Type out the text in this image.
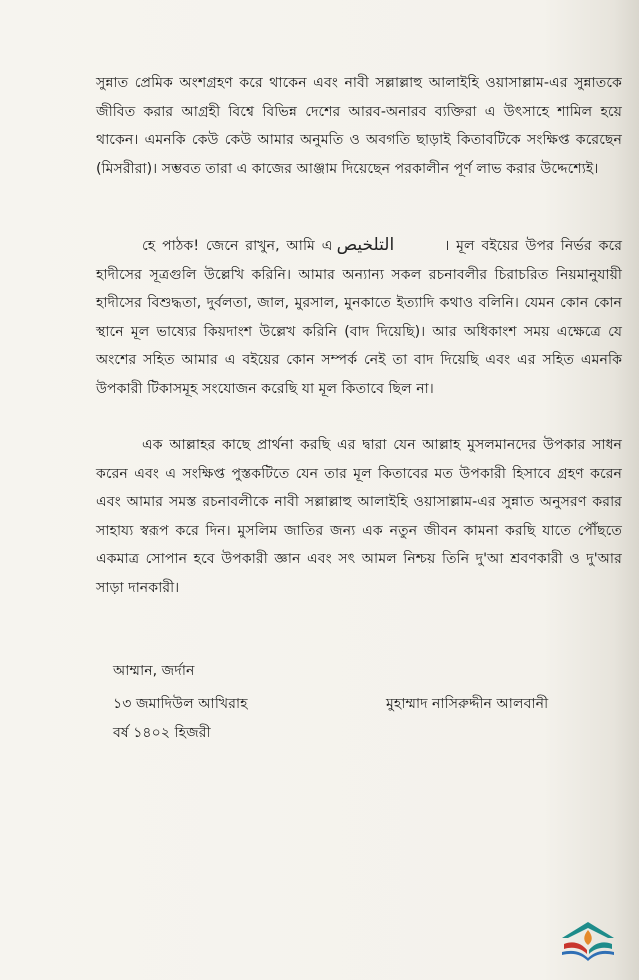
সুন্নাত প্রেমিক অংশগ্রহণ করে থাকেন এবং নাবী সল্লাল্লাহু আলাইহি ওয়াসাল্লাম-এর সুন্নাতকে জীবিত করার আগ্রহী বিশ্বে বিভিন্ন দেশের আরব-অনারব ব্যক্তিরা এ উৎসাহে শামিল হয়ে থাকেন। এমনকি কেউ কেউ আমার অনুমতি ও অবগতি ছাড়াই কিতাবটিকে সংক্ষিপ্ত করেছেন (মিসরীরা)। সম্ভবত তারা এ কাজের আঞ্জাম দিয়েছেন পরকালীন পূর্ণ লাভ করার উদ্দেশ্যেই।

হে পাঠক! জেনে রাখুন, আমি এ التلخيص	। মূল বইয়ের উপর নির্ভর করে হাদীসের সূত্রগুলি উল্লেখি করিনি। আমার অন্যান্য সকল রচনাবলীর চিরাচরিত নিয়মানুযায়ী হাদীসের বিশুদ্ধতা, দুর্বলতা, জাল, মুরসাল, মুনকাতে ইত্যাদি কথাও বলিনি। যেমন কোন কোন স্থানে মূল ভাষ্যের কিয়দাংশ উল্লেখ করিনি (বাদ দিয়েছি)। আর অধিকাংশ সময় এক্ষেত্রে যে অংশের সহিত আমার এ বইয়ের কোন সম্পর্ক নেই তা বাদ দিয়েছি এবং এর সহিত এমনকি উপকারী টিকাসমূহ সংযোজন করেছি যা মূল কিতাবে ছিল না।

এক আল্লাহর কাছে প্রার্থনা করছি এর দ্বারা যেন আল্লাহ মুসলমানদের উপকার সাধন করেন এবং এ সংক্ষিপ্ত পুস্তকটিতে যেন তার মূল কিতাবের মত উপকারী হিসাবে গ্রহণ করেন এবং আমার সমস্ত রচনাবলীকে নাবী সল্লাল্লাহু আলাইহি ওয়াসাল্লাম-এর সুন্নাত অনুসরণ করার সাহায্য স্বরূপ করে দিন। মুসলিম জাতির জন্য এক নতুন জীবন কামনা করছি যাতে পৌঁছতে একমাত্র সোপান হবে উপকারী জ্ঞান এবং সৎ আমল নিশ্চয় তিনি দু'আ শ্রবণকারী ও দু'আর সাড়া দানকারী।

আম্মান, জর্দান
১৩ জমাদিউল আখিরাহ
বর্ষ ১৪০২ হিজরী
মুহাম্মাদ নাসিরুদ্দীন আলবানী
